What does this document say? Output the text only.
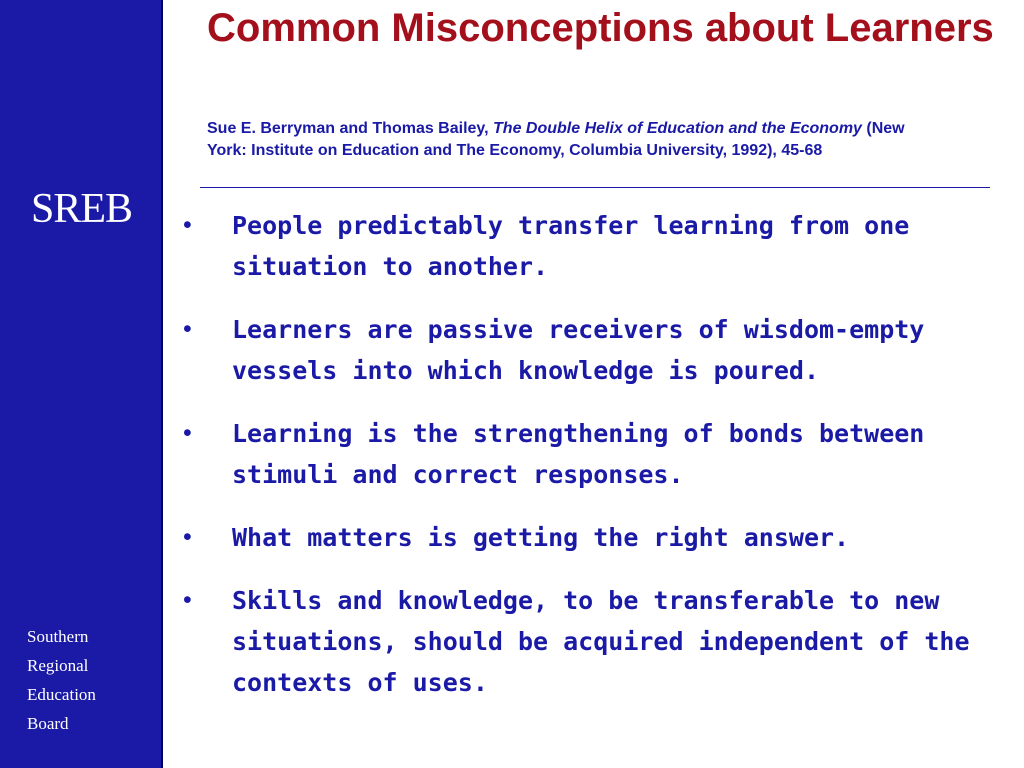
SREB
Southern
Regional
Education
Board
Common Misconceptions about Learners

Sue E. Berryman and Thomas Bailey, The Double Helix of Education and the Economy (New York: Institute on Education and The Economy, Columbia University, 1992), 45-68

• People predictably transfer learning from one situation to another.
• Learners are passive receivers of wisdom-empty vessels into which knowledge is poured.
• Learning is the strengthening of bonds between stimuli and correct responses.
• What matters is getting the right answer.
• Skills and knowledge, to be transferable to new situations, should be acquired independent of the contexts of uses.
